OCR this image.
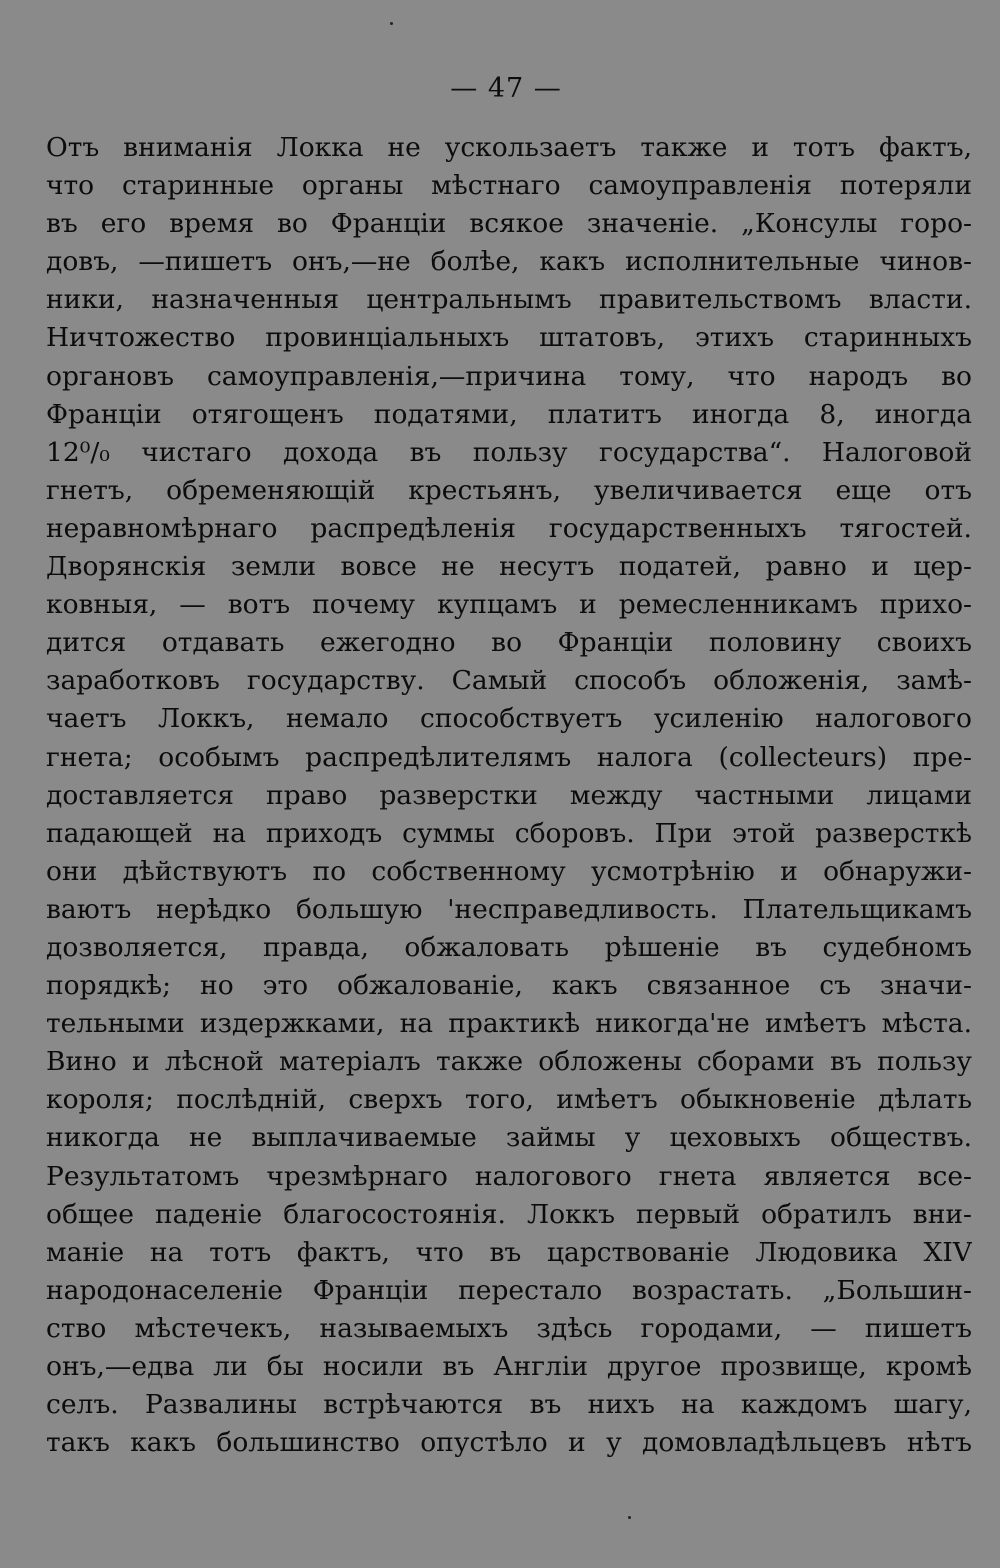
— 47 —
Отъ вниманія Локка не ускользаетъ также и тотъ фактъ,
что старинные органы мѣстнаго самоуправленія потеряли
въ его время во Франціи всякое значеніе. „Консулы горо-
довъ, —пишетъ онъ,—не болѣе, какъ исполнительные чинов-
ники, назначенныя центральнымъ правительствомъ власти.
Ничтожество провинціальныхъ штатовъ, этихъ старинныхъ
органовъ самоуправленія,—причина тому, что народъ во
Франціи отягощенъ податями, платитъ иногда 8, иногда
12⁰/₀ чистаго дохода въ пользу государства“. Налоговой
гнетъ, обременяющій крестьянъ, увеличивается еще отъ
неравномѣрнаго распредѣленія государственныхъ тягостей.
Дворянскія земли вовсе не несутъ податей, равно и цер-
ковныя, — вотъ почему купцамъ и ремесленникамъ прихо-
дится отдавать ежегодно во Франціи половину своихъ
заработковъ государству. Самый способъ обложенія, замѣ-
чаетъ Локкъ, немало способствуетъ усиленію налогового
гнета; особымъ распредѣлителямъ налога (collecteurs) пре-
доставляется право разверстки между частными лицами
падающей на приходъ суммы сборовъ. При этой разверсткѣ
они дѣйствуютъ по собственному усмотрѣнію и обнаружи-
ваютъ нерѣдко большую 'несправедливость. Плательщикамъ
дозволяется, правда, обжаловать рѣшеніе въ судебномъ
порядкѣ; но это обжалованіе, какъ связанное съ значи-
тельными издержками, на практикѣ никогда'не имѣетъ мѣста.
Вино и лѣсной матеріалъ также обложены сборами въ пользу
короля; послѣдній, сверхъ того, имѣетъ обыкновеніе дѣлать
никогда не выплачиваемые займы у цеховыхъ обществъ.
Результатомъ чрезмѣрнаго налогового гнета является все-
общее паденіе благосостоянія. Локкъ первый обратилъ вни-
маніе на тотъ фактъ, что въ царствованіе Людовика XIV
народонаселеніе Франціи перестало возрастать. „Большин-
ство мѣстечекъ, называемыхъ здѣсь городами, — пишетъ
онъ,—едва ли бы носили въ Англіи другое прозвище, кромѣ
селъ. Развалины встрѣчаются въ нихъ на каждомъ шагу,
такъ какъ большинство опустѣло и у домовладѣльцевъ нѣтъ
